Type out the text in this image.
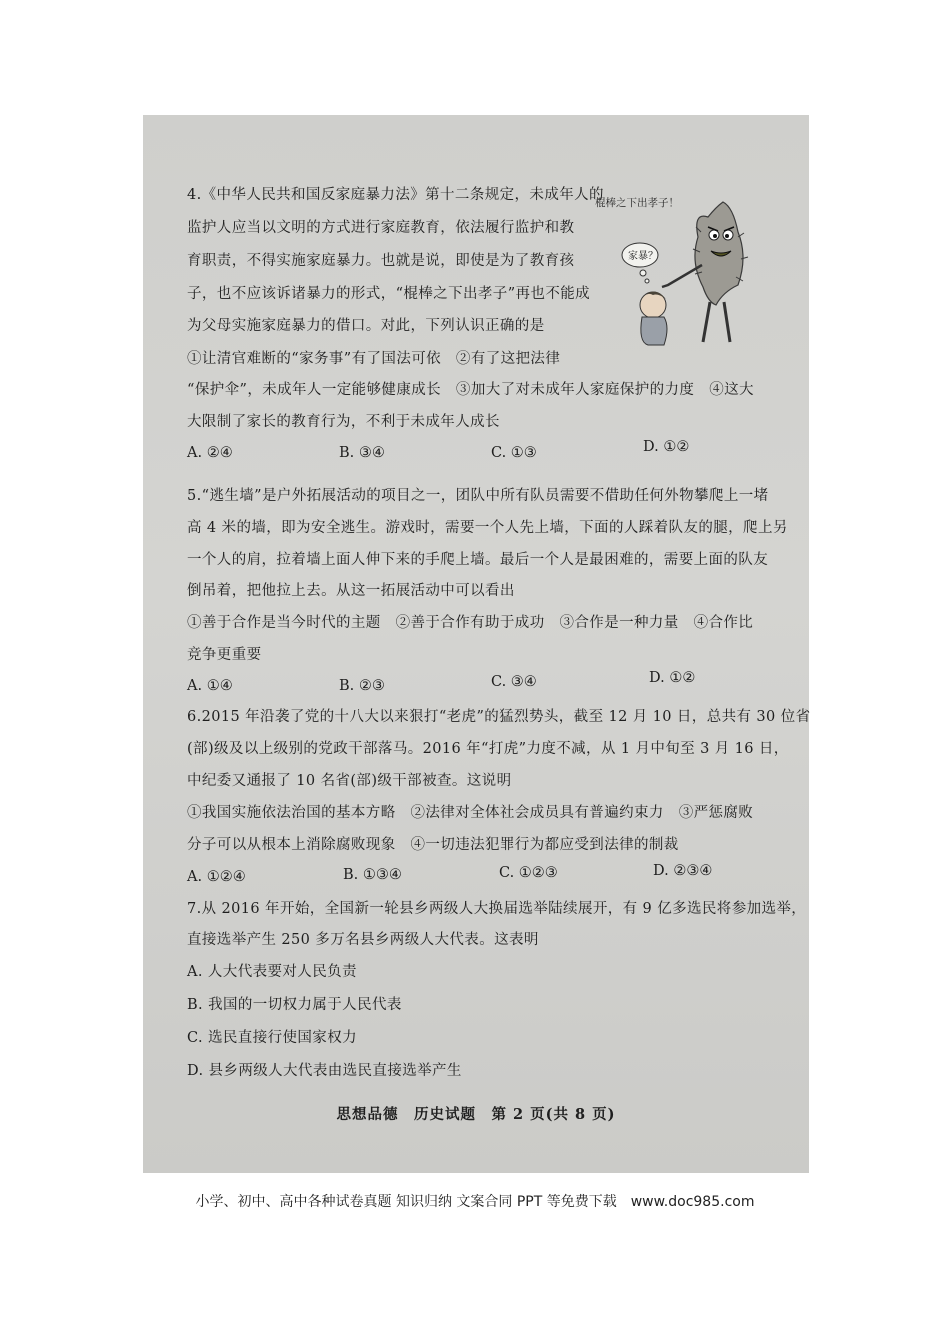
4.《中华人民共和国反家庭暴力法》第十二条规定，未成年人的
监护人应当以文明的方式进行家庭教育，依法履行监护和教
育职责，不得实施家庭暴力。也就是说，即使是为了教育孩
子，也不应该诉诸暴力的形式，“棍棒之下出孝子”再也不能成
为父母实施家庭暴力的借口。对此，下列认识正确的是
①让清官难断的“家务事”有了国法可依　②有了这把法律
“保护伞”，未成年人一定能够健康成长　③加大了对未成年人家庭保护的力度　④这大
大限制了家长的教育行为，不利于未成年人成长
A. ②④	B. ③④	C. ①③	D. ①②
棍棒之下出孝子！
家暴？
5.“逃生墙”是户外拓展活动的项目之一，团队中所有队员需要不借助任何外物攀爬上一堵
高 4 米的墙，即为安全逃生。游戏时，需要一个人先上墙，下面的人踩着队友的腿，爬上另
一个人的肩，拉着墙上面人伸下来的手爬上墙。最后一个人是最困难的，需要上面的队友
倒吊着，把他拉上去。从这一拓展活动中可以看出
①善于合作是当今时代的主题　②善于合作有助于成功　③合作是一种力量　④合作比
竞争更重要
A. ①④	B. ②③	C. ③④	D. ①②
6.2015 年沿袭了党的十八大以来狠打“老虎”的猛烈势头，截至 12 月 10 日，总共有 30 位省
(部)级及以上级别的党政干部落马。2016 年“打虎”力度不减，从 1 月中旬至 3 月 16 日，
中纪委又通报了 10 名省(部)级干部被查。这说明
①我国实施依法治国的基本方略　②法律对全体社会成员具有普遍约束力　③严惩腐败
分子可以从根本上消除腐败现象　④一切违法犯罪行为都应受到法律的制裁
A. ①②④	B. ①③④	C. ①②③	D. ②③④
7.从 2016 年开始，全国新一轮县乡两级人大换届选举陆续展开，有 9 亿多选民将参加选举，
直接选举产生 250 多万名县乡两级人大代表。这表明
A. 人大代表要对人民负责
B. 我国的一切权力属于人民代表
C. 选民直接行使国家权力
D. 县乡两级人大代表由选民直接选举产生
思想品德　历史试题　第 2 页(共 8 页)
小学、初中、高中各种试卷真题 知识归纳 文案合同 PPT 等免费下载　www.doc985.com
